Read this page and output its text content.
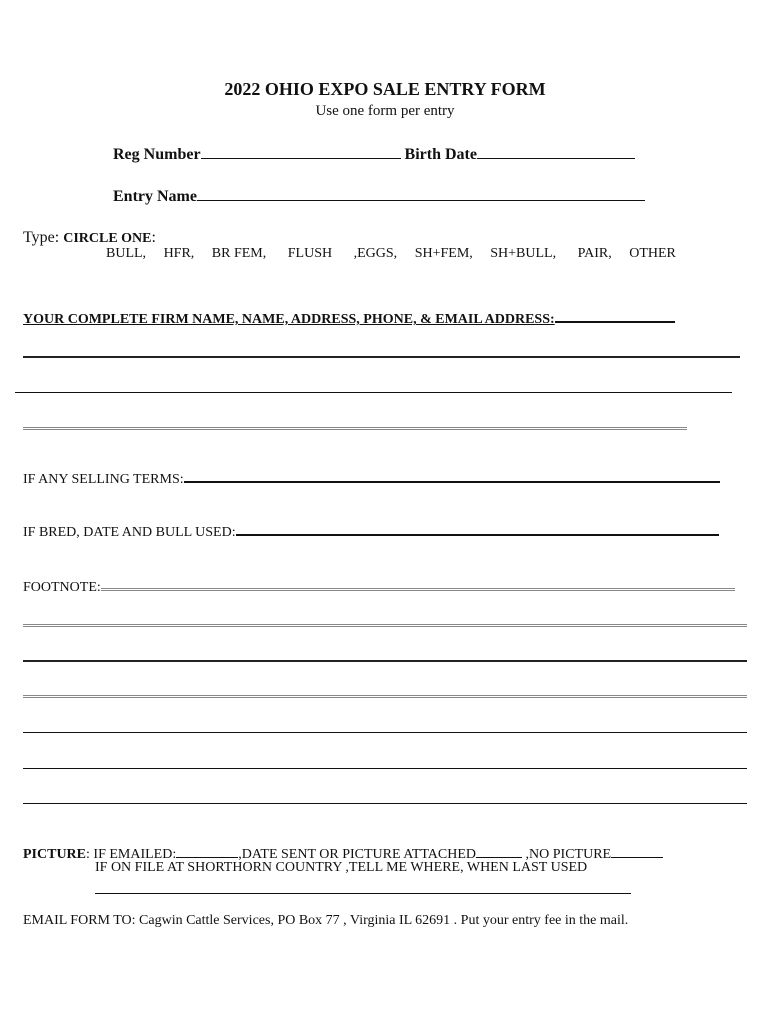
2022 OHIO EXPO SALE ENTRY FORM
Use one form per entry
Reg Number	Birth Date
Entry Name
Type: CIRCLE ONE:
BULL, HFR, BR FEM, FLUSH ,EGGS, SH+FEM, SH+BULL, PAIR, OTHER
YOUR COMPLETE FIRM NAME, NAME, ADDRESS, PHONE, & EMAIL ADDRESS:
IF ANY SELLING TERMS:
IF BRED, DATE AND BULL USED:
FOOTNOTE:
PICTURE: IF EMAILED:	,DATE SENT OR PICTURE ATTACHED	,NO PICTURE
IF ON FILE AT SHORTHORN COUNTRY ,TELL ME WHERE, WHEN LAST USED
EMAIL FORM TO: Cagwin Cattle Services, PO Box 77 , Virginia IL 62691 . Put your entry fee in the mail.
